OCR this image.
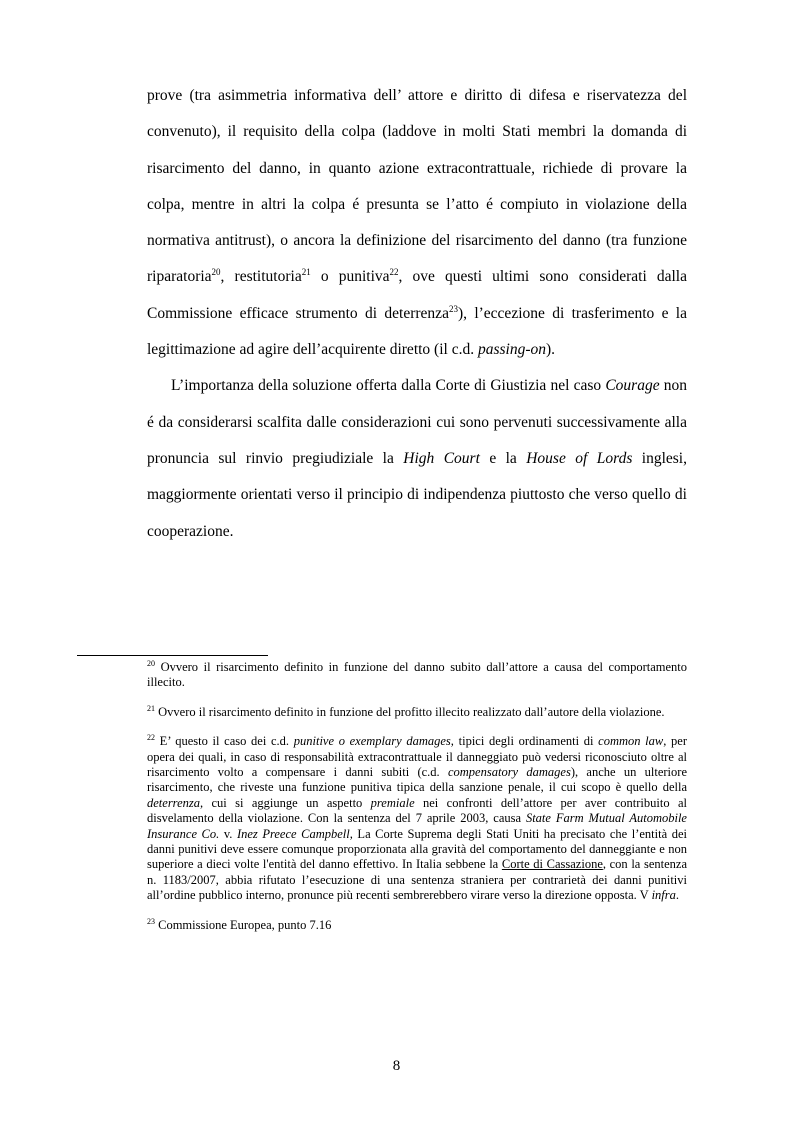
prove (tra asimmetria informativa dell’ attore e diritto di difesa e riservatezza del convenuto), il requisito della colpa (laddove in molti Stati membri la domanda di risarcimento del danno, in quanto azione extracontrattuale, richiede di provare la colpa, mentre in altri la colpa é presunta se l’atto é compiuto in violazione della normativa antitrust), o ancora la definizione del risarcimento del danno (tra funzione riparatoria$^{20}$, restitutoria$^{21}$ o punitiva$^{22}$, ove questi ultimi sono considerati dalla Commissione efficace strumento di deterrenza$^{23}$), l’eccezione di trasferimento e la legittimazione ad agire dell’acquirente diretto (il c.d. passing-on).

L’importanza della soluzione offerta dalla Corte di Giustizia nel caso Courage non é da considerarsi scalfita dalle considerazioni cui sono pervenuti successivamente alla pronuncia sul rinvio pregiudiziale la High Court e la House of Lords inglesi, maggiormente orientati verso il principio di indipendenza piuttosto che verso quello di cooperazione.

$^{20}$ Ovvero il risarcimento definito in funzione del danno subito dall’attore a causa del comportamento illecito.

$^{21}$ Ovvero il risarcimento definito in funzione del profitto illecito realizzato dall’autore della violazione.

$^{22}$ E’ questo il caso dei c.d. punitive o exemplary damages, tipici degli ordinamenti di common law, per opera dei quali, in caso di responsabilità extracontrattuale il danneggiato può vedersi riconosciuto oltre al risarcimento volto a compensare i danni subiti (c.d. compensatory damages), anche un ulteriore risarcimento, che riveste una funzione punitiva tipica della sanzione penale, il cui scopo è quello della deterrenza, cui si aggiunge un aspetto premiale nei confronti dell’attore per aver contribuito al disvelamento della violazione. Con la sentenza del 7 aprile 2003, causa State Farm Mutual Automobile Insurance Co. v. Inez Preece Campbell, La Corte Suprema degli Stati Uniti ha precisato che l’entità dei danni punitivi deve essere comunque proporzionata alla gravità del comportamento del danneggiante e non superiore a dieci volte l'entità del danno effettivo. In Italia sebbene la Corte di Cassazione, con la sentenza n. 1183/2007, abbia rifutato l’esecuzione di una sentenza straniera per contrarietà dei danni punitivi all’ordine pubblico interno, pronunce più recenti sembrerebbero virare verso la direzione opposta. V infra.

$^{23}$ Commissione Europea, punto 7.16

8
